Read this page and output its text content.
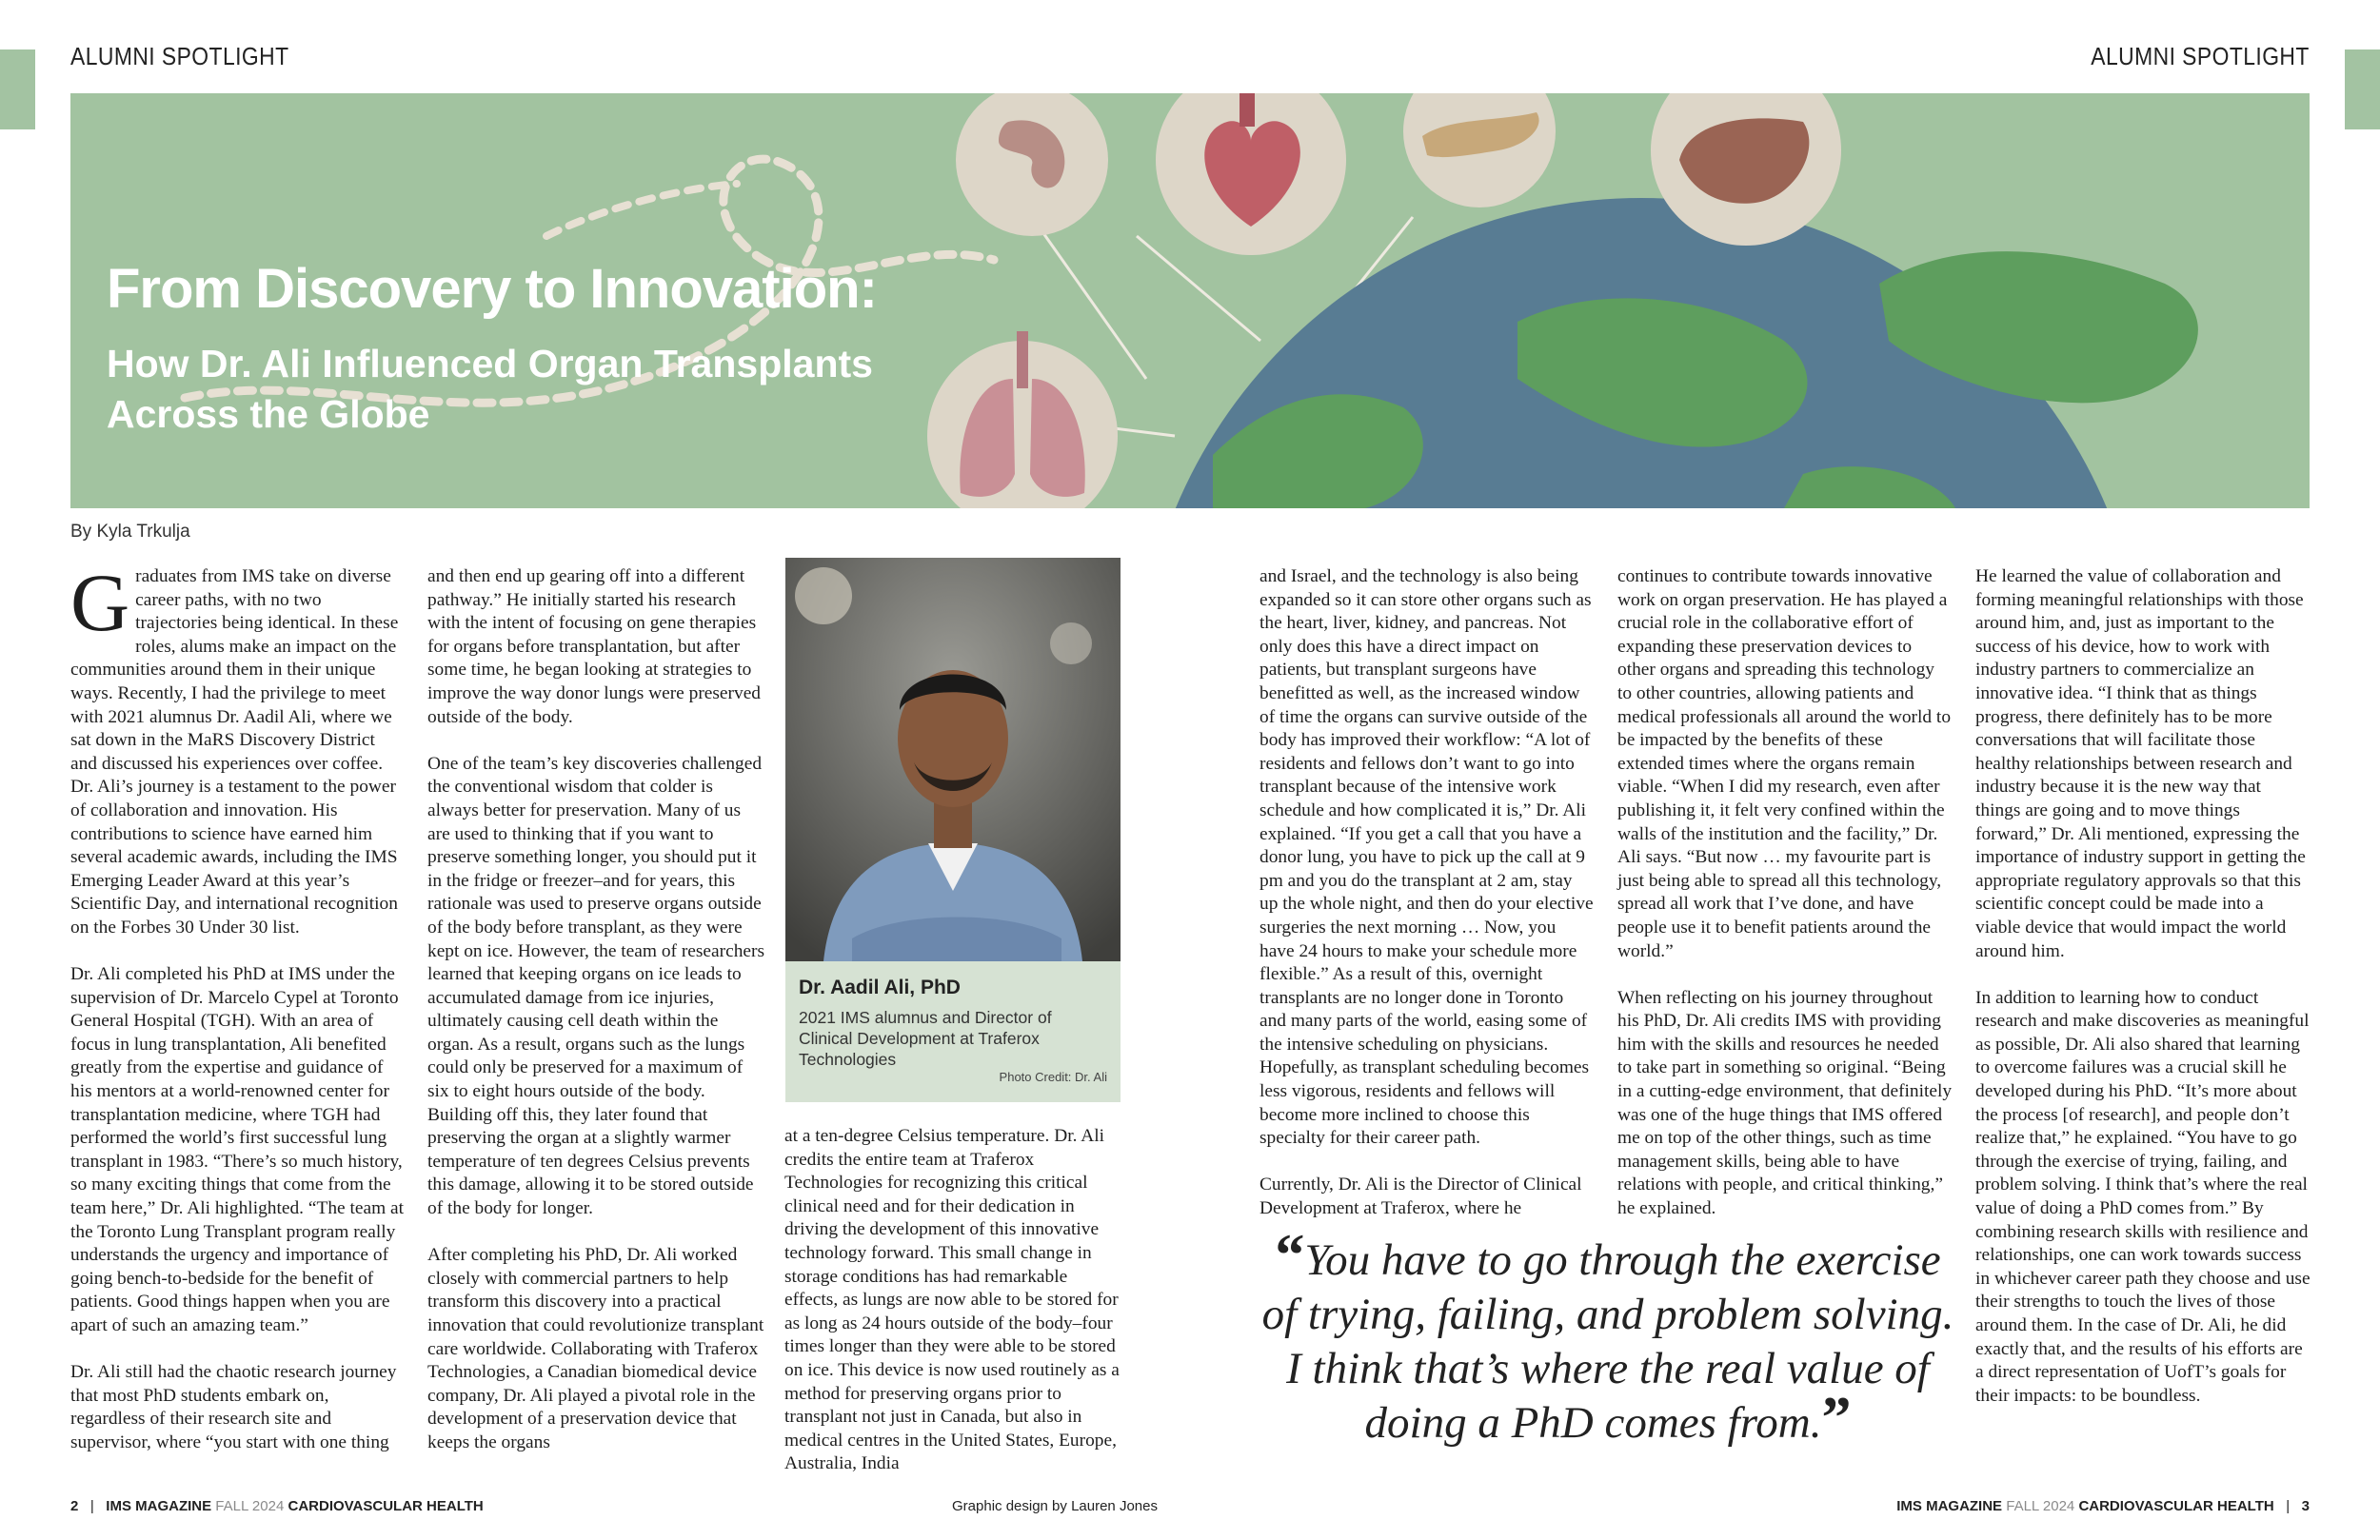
ALUMNI SPOTLIGHT	ALUMNI SPOTLIGHT
From Discovery to Innovation:
How Dr. Ali Influenced Organ Transplants Across the Globe
By Kyla Trkulja

Graduates from IMS take on diverse career paths, with no two trajectories being identical. In these roles, alums make an impact on the communities around them in their unique ways. Recently, I had the privilege to meet with 2021 alumnus Dr. Aadil Ali, where we sat down in the MaRS Discovery District and discussed his experiences over coffee. Dr. Ali’s journey is a testament to the power of collaboration and innovation. His contributions to science have earned him several academic awards, including the IMS Emerging Leader Award at this year’s Scientific Day, and international recognition on the Forbes 30 Under 30 list.

Dr. Ali completed his PhD at IMS under the supervision of Dr. Marcelo Cypel at Toronto General Hospital (TGH). With an area of focus in lung transplantation, Ali benefited greatly from the expertise and guidance of his mentors at a world-renowned center for transplantation medicine, where TGH had performed the world’s first successful lung transplant in 1983. “There’s so much history, so many exciting things that come from the team here,” Dr. Ali highlighted. “The team at the Toronto Lung Transplant program really understands the urgency and importance of going bench-to-bedside for the benefit of patients. Good things happen when you are apart of such an amazing team.”

Dr. Ali still had the chaotic research journey that most PhD students embark on, regardless of their research site and supervisor, where “you start with one thing

and then end up gearing off into a different pathway.” He initially started his research with the intent of focusing on gene therapies for organs before transplantation, but after some time, he began looking at strategies to improve the way donor lungs were preserved outside of the body.

One of the team’s key discoveries challenged the conventional wisdom that colder is always better for preservation. Many of us are used to thinking that if you want to preserve something longer, you should put it in the fridge or freezer–and for years, this rationale was used to preserve organs outside of the body before transplant, as they were kept on ice. However, the team of researchers learned that keeping organs on ice leads to accumulated damage from ice injuries, ultimately causing cell death within the organ. As a result, organs such as the lungs could only be preserved for a maximum of six to eight hours outside of the body. Building off this, they later found that preserving the organ at a slightly warmer temperature of ten degrees Celsius prevents this damage, allowing it to be stored outside of the body for longer.

After completing his PhD, Dr. Ali worked closely with commercial partners to help transform this discovery into a practical innovation that could revolutionize transplant care worldwide. Collaborating with Traferox Technologies, a Canadian biomedical device company, Dr. Ali played a pivotal role in the development of a preservation device that keeps the organs

Dr. Aadil Ali, PhD
2021 IMS alumnus and Director of Clinical Development at Traferox Technologies
Photo Credit: Dr. Ali

at a ten-degree Celsius temperature. Dr. Ali credits the entire team at Traferox Technologies for recognizing this critical clinical need and for their dedication in driving the development of this innovative technology forward. This small change in storage conditions has had remarkable effects, as lungs are now able to be stored for as long as 24 hours outside of the body–four times longer than they were able to be stored on ice. This device is now used routinely as a method for preserving organs prior to transplant not just in Canada, but also in medical centres in the United States, Europe, Australia, India

and Israel, and the technology is also being expanded so it can store other organs such as the heart, liver, kidney, and pancreas. Not only does this have a direct impact on patients, but transplant surgeons have benefitted as well, as the increased window of time the organs can survive outside of the body has improved their workflow: “A lot of residents and fellows don’t want to go into transplant because of the intensive work schedule and how complicated it is,” Dr. Ali explained. “If you get a call that you have a donor lung, you have to pick up the call at 9 pm and you do the transplant at 2 am, stay up the whole night, and then do your elective surgeries the next morning … Now, you have 24 hours to make your schedule more flexible.” As a result of this, overnight transplants are no longer done in Toronto and many parts of the world, easing some of the intensive scheduling on physicians. Hopefully, as transplant scheduling becomes less vigorous, residents and fellows will become more inclined to choose this specialty for their career path.

Currently, Dr. Ali is the Director of Clinical Development at Traferox, where he

continues to contribute towards innovative work on organ preservation. He has played a crucial role in the collaborative effort of expanding these preservation devices to other organs and spreading this technology to other countries, allowing patients and medical professionals all around the world to be impacted by the benefits of these extended times where the organs remain viable. “When I did my research, even after publishing it, it felt very confined within the walls of the institution and the facility,” Dr. Ali says. “But now … my favourite part is just being able to spread all this technology, spread all work that I’ve done, and have people use it to benefit patients around the world.”

When reflecting on his journey throughout his PhD, Dr. Ali credits IMS with providing him with the skills and resources he needed to take part in something so original. “Being in a cutting-edge environment, that definitely was one of the huge things that IMS offered me on top of the other things, such as time management skills, being able to have relations with people, and critical thinking,” he explained.

He learned the value of collaboration and forming meaningful relationships with those around him, and, just as important to the success of his device, how to work with industry partners to commercialize an innovative idea. “I think that as things progress, there definitely has to be more conversations that will facilitate those healthy relationships between research and industry because it is the new way that things are going and to move things forward,” Dr. Ali mentioned, expressing the importance of industry support in getting the appropriate regulatory approvals so that this scientific concept could be made into a viable device that would impact the world around him.

In addition to learning how to conduct research and make discoveries as meaningful as possible, Dr. Ali also shared that learning to overcome failures was a crucial skill he developed during his PhD. “It’s more about the process [of research], and people don’t realize that,” he explained. “You have to go through the exercise of trying, failing, and problem solving. I think that’s where the real value of doing a PhD comes from.” By combining research skills with resilience and relationships, one can work towards success in whichever career path they choose and use their strengths to touch the lives of those around them. In the case of Dr. Ali, he did exactly that, and the results of his efforts are a direct representation of UofT’s goals for their impacts: to be boundless.

“You have to go through the exercise of trying, failing, and problem solving. I think that’s where the real value of doing a PhD comes from.”
2 | IMS MAGAZINE FALL 2024 CARDIOVASCULAR HEALTH	Graphic design by Lauren Jones	IMS MAGAZINE FALL 2024 CARDIOVASCULAR HEALTH | 3
